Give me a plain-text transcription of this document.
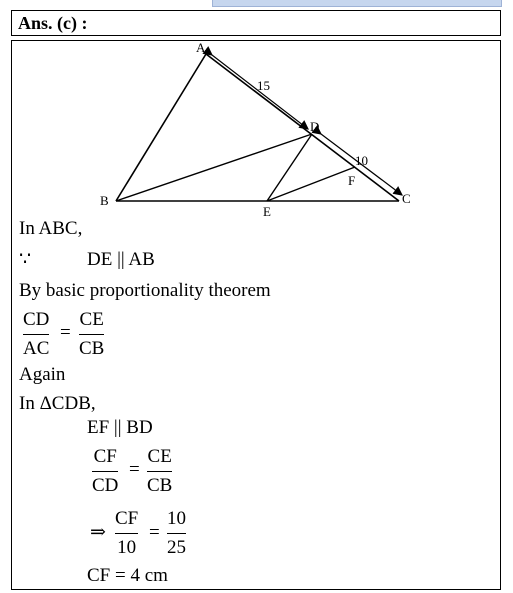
Ans. (c) :
A
B	C
D
E
F
15
10
In ABC,
∵	DE || AB
By basic proportionality theorem
CD
AC
=
CE
CB
Again
In ΔCDB,
EF || BD
CF
CD
=
CE
CB
⇒
CF
10
=
10
25
CF = 4 cm
